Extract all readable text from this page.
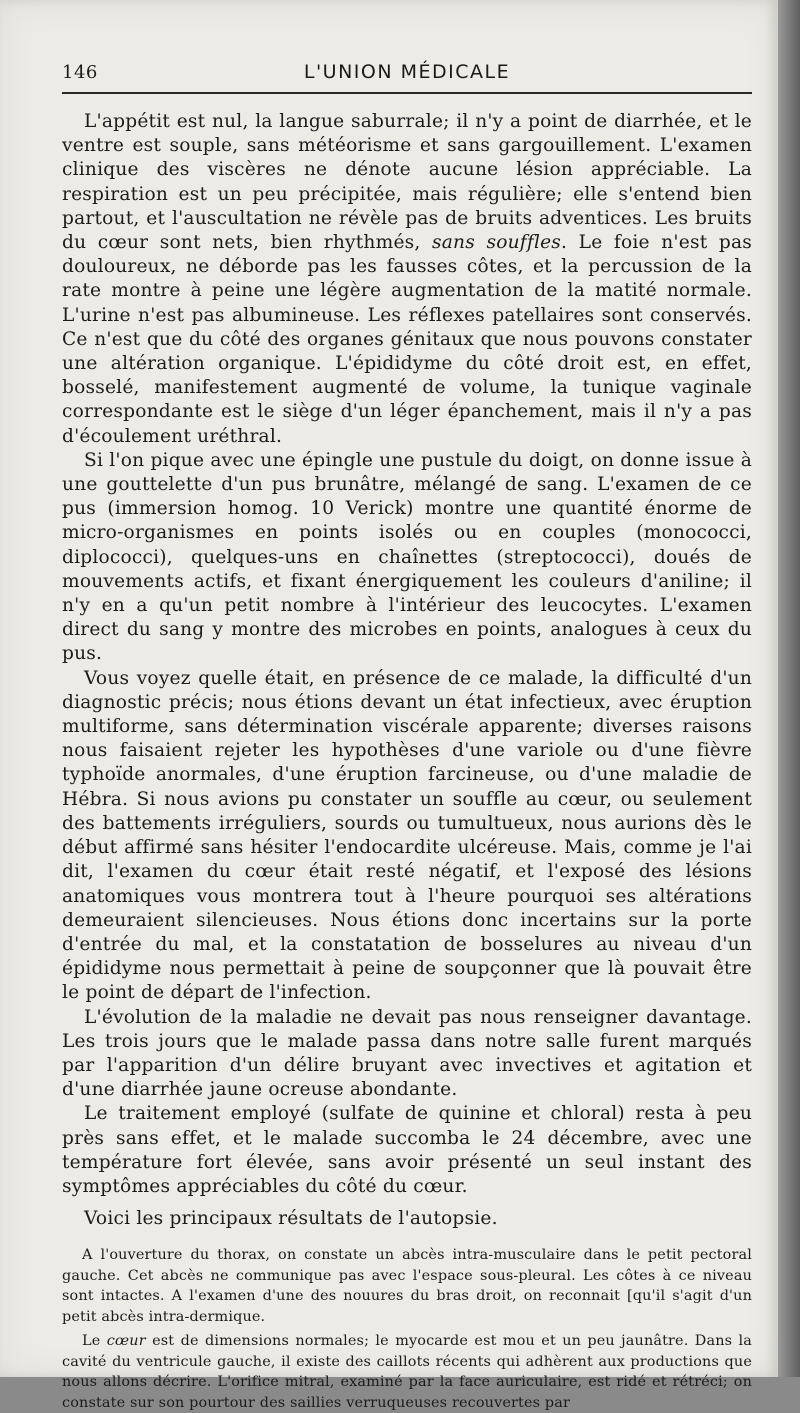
146	L'UNION MÉDICALE

L'appétit est nul, la langue saburrale; il n'y a point de diarrhée, et le ventre est souple, sans météorisme et sans gargouillement. L'examen clinique des viscères ne dénote aucune lésion appréciable. La respiration est un peu précipitée, mais régulière; elle s'entend bien partout, et l'auscultation ne révèle pas de bruits adventices. Les bruits du cœur sont nets, bien rhythmés, sans souffles. Le foie n'est pas douloureux, ne déborde pas les fausses côtes, et la percussion de la rate montre à peine une légère augmentation de la matité normale. L'urine n'est pas albumineuse. Les réflexes patellaires sont conservés. Ce n'est que du côté des organes génitaux que nous pouvons constater une altération organique. L'épididyme du côté droit est, en effet, bosselé, manifestement augmenté de volume, la tunique vaginale correspondante est le siège d'un léger épanchement, mais il n'y a pas d'écoulement uréthral.

Si l'on pique avec une épingle une pustule du doigt, on donne issue à une gouttelette d'un pus brunâtre, mélangé de sang. L'examen de ce pus (immersion homog. 10 Verick) montre une quantité énorme de micro-organismes en points isolés ou en couples (monococci, diplococci), quelques-uns en chaînettes (streptococci), doués de mouvements actifs, et fixant énergiquement les couleurs d'aniline; il n'y en a qu'un petit nombre à l'intérieur des leucocytes. L'examen direct du sang y montre des microbes en points, analogues à ceux du pus.

Vous voyez quelle était, en présence de ce malade, la difficulté d'un diagnostic précis; nous étions devant un état infectieux, avec éruption multiforme, sans détermination viscérale apparente; diverses raisons nous faisaient rejeter les hypothèses d'une variole ou d'une fièvre typhoïde anormales, d'une éruption farcineuse, ou d'une maladie de Hébra. Si nous avions pu constater un souffle au cœur, ou seulement des battements irréguliers, sourds ou tumultueux, nous aurions dès le début affirmé sans hésiter l'endocardite ulcéreuse. Mais, comme je l'ai dit, l'examen du cœur était resté négatif, et l'exposé des lésions anatomiques vous montrera tout à l'heure pourquoi ses altérations demeuraient silencieuses. Nous étions donc incertains sur la porte d'entrée du mal, et la constatation de bosselures au niveau d'un épididyme nous permettait à peine de soupçonner que là pouvait être le point de départ de l'infection.

L'évolution de la maladie ne devait pas nous renseigner davantage. Les trois jours que le malade passa dans notre salle furent marqués par l'apparition d'un délire bruyant avec invectives et agitation et d'une diarrhée jaune ocreuse abondante.

Le traitement employé (sulfate de quinine et chloral) resta à peu près sans effet, et le malade succomba le 24 décembre, avec une température fort élevée, sans avoir présenté un seul instant des symptômes appréciables du côté du cœur.

Voici les principaux résultats de l'autopsie.

A l'ouverture du thorax, on constate un abcès intra-musculaire dans le petit pectoral gauche. Cet abcès ne communique pas avec l'espace sous-pleural. Les côtes à ce niveau sont intactes. A l'examen d'une des nouures du bras droit, on reconnait [qu'il s'agit d'un petit abcès intra-dermique.

Le cœur est de dimensions normales; le myocarde est mou et un peu jaunâtre. Dans la cavité du ventricule gauche, il existe des caillots récents qui adhèrent aux productions que nous allons décrire. L'orifice mitral, examiné par la face auriculaire, est ridé et rétréci; on constate sur son pourtour des saillies verruqueuses recouvertes par
